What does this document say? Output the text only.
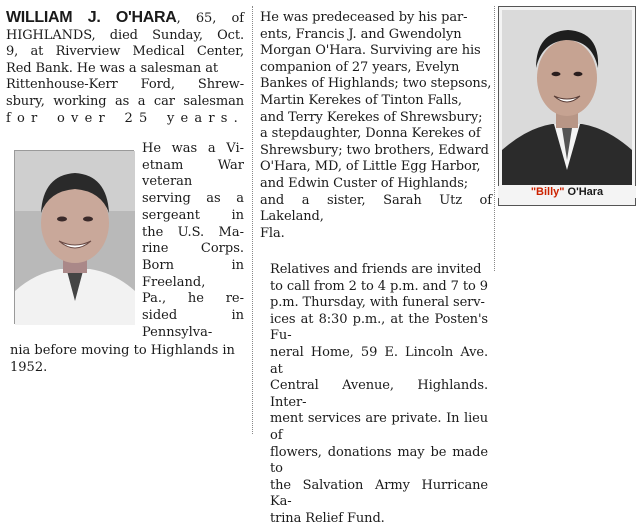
WILLIAM J. O'HARA, 65, of

HIGHLANDS, died Sunday, Oct.

9, at Riverview Medical Center,

Red Bank. He was a salesman at

Rittenhouse-Kerr Ford, Shrew-

sbury, working as a car salesman

for over 25 years.

He was a Vi-

etnam War

veteran

serving as a

sergeant in

the U.S. Ma-

rine Corps.

Born in

Freeland,

Pa., he re-

sided in

Pennsylva-

nia before moving to Highlands in

1952.

He was predeceased by his par-

ents, Francis J. and Gwendolyn

Morgan O'Hara. Surviving are his

companion of 27 years, Evelyn

Bankes of Highlands; two stepsons,

Martin Kerekes of Tinton Falls,

and Terry Kerekes of Shrewsbury;

a stepdaughter, Donna Kerekes of

Shrewsbury; two brothers, Edward

O'Hara, MD, of Little Egg Harbor,

and Edwin Custer of Highlands;

and a sister, Sarah Utz of Lakeland,

Fla.

Relatives and friends are invited

to call from 2 to 4 p.m. and 7 to 9

p.m. Thursday, with funeral serv-

ices at 8:30 p.m., at the Posten's Fu-

neral Home, 59 E. Lincoln Ave. at

Central Avenue, Highlands. Inter-

ment services are private. In lieu of

flowers, donations may be made to

the Salvation Army Hurricane Ka-

trina Relief Fund.

"Billy" O'Hara
